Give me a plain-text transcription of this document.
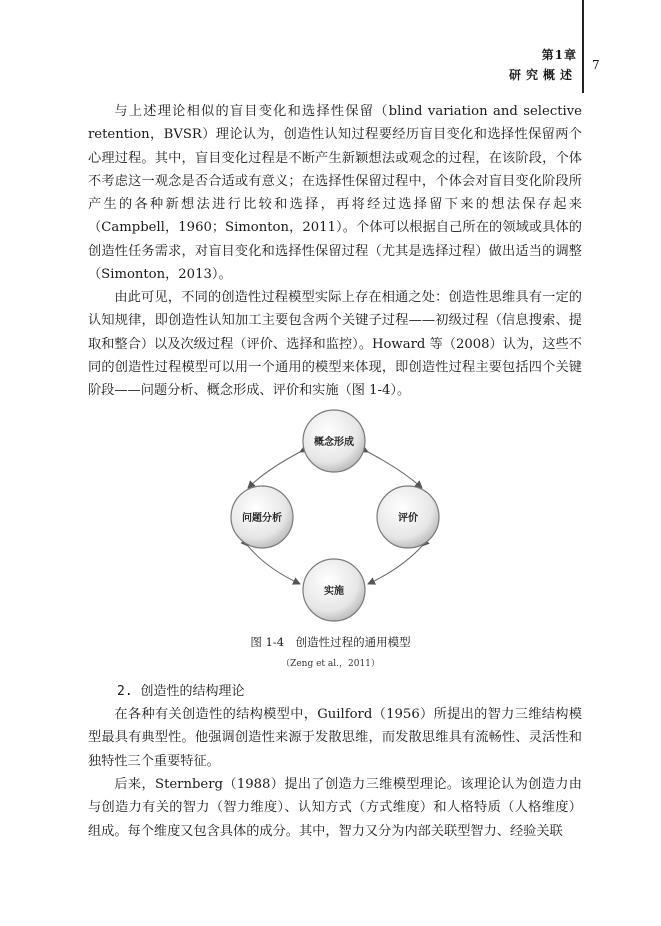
第1章
研究概述
7

与上述理论相似的盲目变化和选择性保留（blind variation and selective retention，BVSR）理论认为，创造性认知过程要经历盲目变化和选择性保留两个心理过程。其中，盲目变化过程是不断产生新颖想法或观念的过程，在该阶段，个体不考虑这一观念是否合适或有意义；在选择性保留过程中，个体会对盲目变化阶段所产生的各种新想法进行比较和选择，再将经过选择留下来的想法保存起来（Campbell，1960；Simonton，2011）。个体可以根据自己所在的领域或具体的创造性任务需求，对盲目变化和选择性保留过程（尤其是选择过程）做出适当的调整（Simonton，2013）。

由此可见，不同的创造性过程模型实际上存在相通之处：创造性思维具有一定的认知规律，即创造性认知加工主要包含两个关键子过程——初级过程（信息搜索、提取和整合）以及次级过程（评价、选择和监控）。Howard 等（2008）认为，这些不同的创造性过程模型可以用一个通用的模型来体现，即创造性过程主要包括四个关键阶段——问题分析、概念形成、评价和实施（图 1-4）。

概念形成
问题分析	评价
实施
图 1-4　创造性过程的通用模型
（Zeng et al.，2011）
2. 创造性的结构理论

在各种有关创造性的结构模型中，Guilford（1956）所提出的智力三维结构模型最具有典型性。他强调创造性来源于发散思维，而发散思维具有流畅性、灵活性和独特性三个重要特征。

后来，Sternberg（1988）提出了创造力三维模型理论。该理论认为创造力由与创造力有关的智力（智力维度）、认知方式（方式维度）和人格特质（人格维度）组成。每个维度又包含具体的成分。其中，智力又分为内部关联型智力、经验关联
